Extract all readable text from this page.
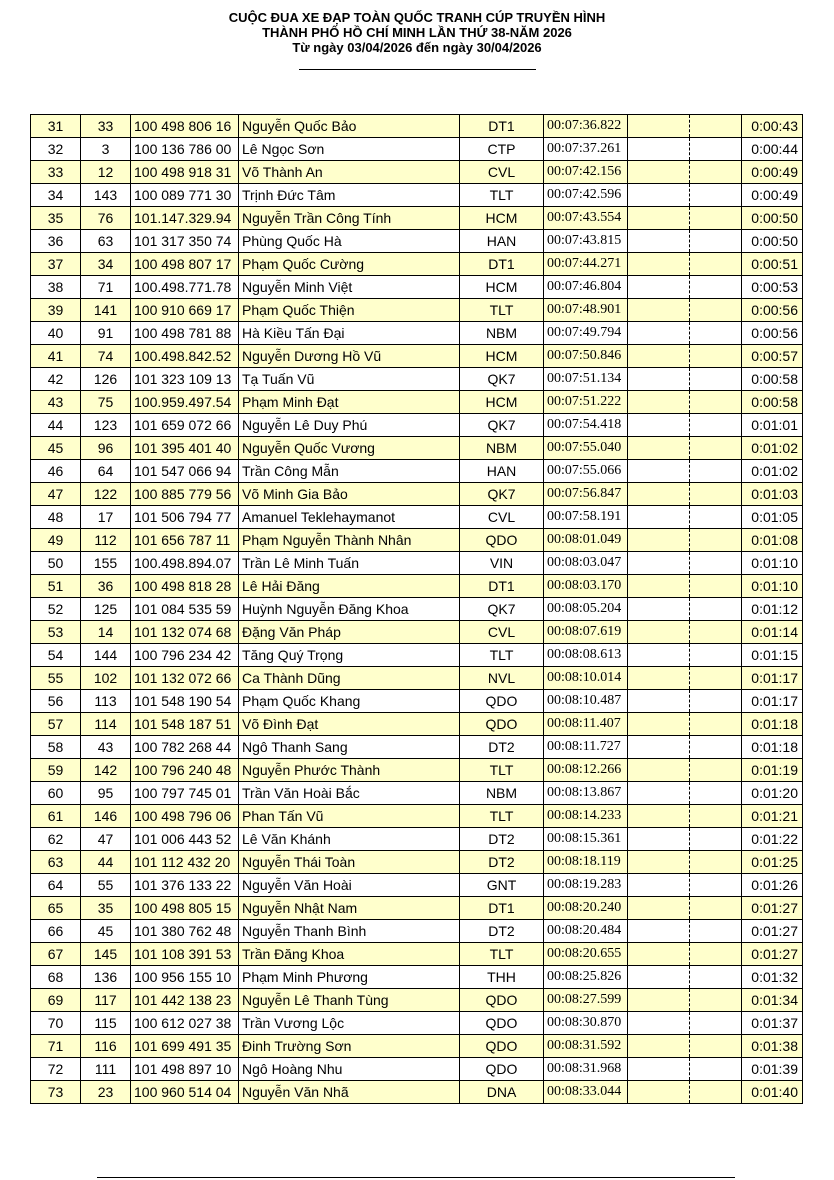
CUỘC ĐUA XE ĐẠP TOÀN QUỐC TRANH CÚP TRUYỀN HÌNH
THÀNH PHỐ HỒ CHÍ MINH LẦN THỨ 38-NĂM 2026
Từ ngày 03/04/2026 đến ngày 30/04/2026
31	33	100 498 806 16	Nguyễn Quốc Bảo	DT1	00:07:36.822			0:00:43
32	3	100 136 786 00	Lê Ngọc Sơn	CTP	00:07:37.261			0:00:44
33	12	100 498 918 31	Võ Thành An	CVL	00:07:42.156			0:00:49
34	143	100 089 771 30	Trịnh Đức Tâm	TLT	00:07:42.596			0:00:49
35	76	101.147.329.94	Nguyễn Trần Công Tính	HCM	00:07:43.554			0:00:50
36	63	101 317 350 74	Phùng Quốc Hà	HAN	00:07:43.815			0:00:50
37	34	100 498 807 17	Phạm Quốc Cường	DT1	00:07:44.271			0:00:51
38	71	100.498.771.78	Nguyễn Minh Việt	HCM	00:07:46.804			0:00:53
39	141	100 910 669 17	Phạm Quốc Thiện	TLT	00:07:48.901			0:00:56
40	91	100 498 781 88	Hà Kiều Tấn Đại	NBM	00:07:49.794			0:00:56
41	74	100.498.842.52	Nguyễn Dương Hồ Vũ	HCM	00:07:50.846			0:00:57
42	126	101 323 109 13	Tạ Tuấn Vũ	QK7	00:07:51.134			0:00:58
43	75	100.959.497.54	Phạm Minh Đạt	HCM	00:07:51.222			0:00:58
44	123	101 659 072 66	Nguyễn Lê Duy Phú	QK7	00:07:54.418			0:01:01
45	96	101 395 401 40	Nguyễn Quốc Vương	NBM	00:07:55.040			0:01:02
46	64	101 547 066 94	Trần Công Mẫn	HAN	00:07:55.066			0:01:02
47	122	100 885 779 56	Võ Minh Gia Bảo	QK7	00:07:56.847			0:01:03
48	17	101 506 794 77	Amanuel Teklehaymanot	CVL	00:07:58.191			0:01:05
49	112	101 656 787 11	Phạm Nguyễn Thành Nhân	QDO	00:08:01.049			0:01:08
50	155	100.498.894.07	Trần Lê Minh Tuấn	VIN	00:08:03.047			0:01:10
51	36	100 498 818 28	Lê Hải Đăng	DT1	00:08:03.170			0:01:10
52	125	101 084 535 59	Huỳnh Nguyễn Đăng Khoa	QK7	00:08:05.204			0:01:12
53	14	101 132 074 68	Đặng Văn Pháp	CVL	00:08:07.619			0:01:14
54	144	100 796 234 42	Tăng Quý Trọng	TLT	00:08:08.613			0:01:15
55	102	101 132 072 66	Ca Thành Dũng	NVL	00:08:10.014			0:01:17
56	113	101 548 190 54	Phạm Quốc Khang	QDO	00:08:10.487			0:01:17
57	114	101 548 187 51	Võ Đình Đạt	QDO	00:08:11.407			0:01:18
58	43	100 782 268 44	Ngô Thanh Sang	DT2	00:08:11.727			0:01:18
59	142	100 796 240 48	Nguyễn Phước Thành	TLT	00:08:12.266			0:01:19
60	95	100 797 745 01	Trần Văn Hoài Bắc	NBM	00:08:13.867			0:01:20
61	146	100 498 796 06	Phan Tấn Vũ	TLT	00:08:14.233			0:01:21
62	47	101 006 443 52	Lê Văn Khánh	DT2	00:08:15.361			0:01:22
63	44	101 112 432 20	Nguyễn Thái Toàn	DT2	00:08:18.119			0:01:25
64	55	101 376 133 22	Nguyễn Văn Hoài	GNT	00:08:19.283			0:01:26
65	35	100 498 805 15	Nguyễn Nhật Nam	DT1	00:08:20.240			0:01:27
66	45	101 380 762 48	Nguyễn Thanh Bình	DT2	00:08:20.484			0:01:27
67	145	101 108 391 53	Trần Đăng Khoa	TLT	00:08:20.655			0:01:27
68	136	100 956 155 10	Phạm Minh Phương	THH	00:08:25.826			0:01:32
69	117	101 442 138 23	Nguyễn Lê Thanh Tùng	QDO	00:08:27.599			0:01:34
70	115	100 612 027 38	Trần Vương Lộc	QDO	00:08:30.870			0:01:37
71	116	101 699 491 35	Đinh Trường Sơn	QDO	00:08:31.592			0:01:38
72	111	101 498 897 10	Ngô Hoàng Nhu	QDO	00:08:31.968			0:01:39
73	23	100 960 514 04	Nguyễn Văn Nhã	DNA	00:08:33.044			0:01:40
